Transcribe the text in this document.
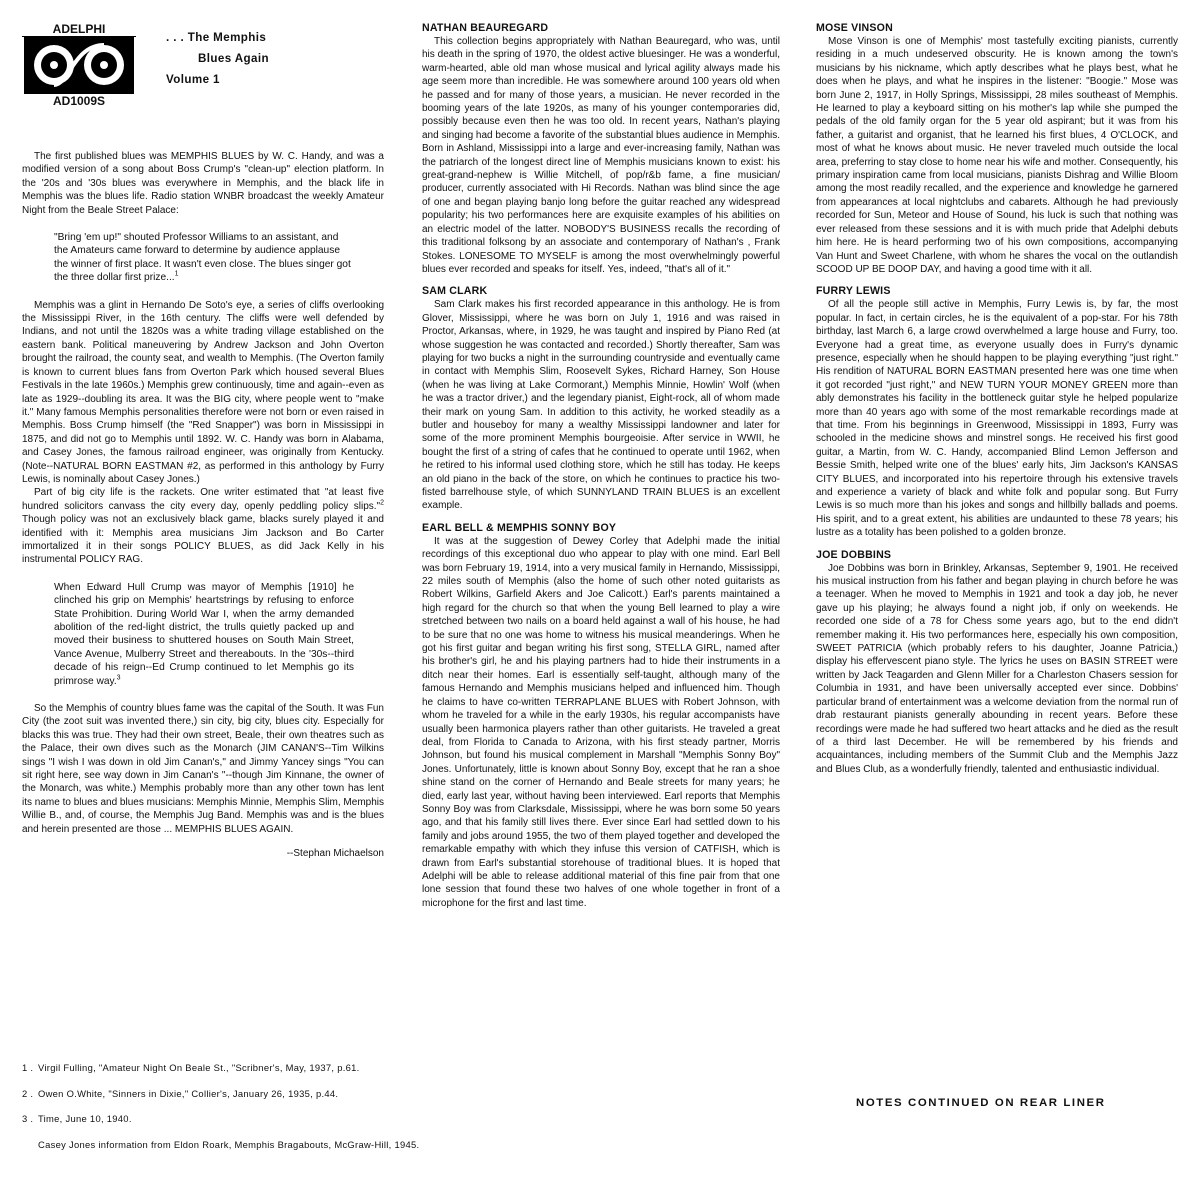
ADELPHI
AD1009S
. . . The Memphis
Blues Again
Volume 1

The first published blues was MEMPHIS BLUES by W. C. Handy, and was a modified version of a song about Boss Crump's "clean-up" election platform. In the '20s and '30s blues was everywhere in Memphis, and the black life in Memphis was the blues life. Radio station WNBR broadcast the weekly Amateur Night from the Beale Street Palace:

"Bring 'em up!" shouted Professor Williams to an assistant, and the Amateurs came forward to determine by audience applause the winner of first place. It wasn't even close. The blues singer got the three dollar first prize...$^1$

Memphis was a glint in Hernando De Soto's eye, a series of cliffs overlooking the Mississippi River, in the 16th century. The cliffs were well defended by Indians, and not until the 1820s was a white trading village established on the eastern bank. Political maneuvering by Andrew Jackson and John Overton brought the railroad, the county seat, and wealth to Memphis. (The Overton family is known to current blues fans from Overton Park which housed several Blues Festivals in the late 1960s.) Memphis grew continuously, time and again--even as late as 1929--doubling its area. It was the BIG city, where people went to "make it." Many famous Memphis personalities therefore were not born or even raised in Memphis. Boss Crump himself (the "Red Snapper") was born in Mississippi in 1875, and did not go to Memphis until 1892. W. C. Handy was born in Alabama, and Casey Jones, the famous railroad engineer, was originally from Kentucky. (Note--NATURAL BORN EASTMAN #2, as performed in this anthology by Furry Lewis, is nominally about Casey Jones.)

Part of big city life is the rackets. One writer estimated that "at least five hundred solicitors canvass the city every day, openly peddling policy slips."$^2$ Though policy was not an exclusively black game, blacks surely played it and identified with it: Memphis area musicians Jim Jackson and Bo Carter immortalized it in their songs POLICY BLUES, as did Jack Kelly in his instrumental POLICY RAG.

When Edward Hull Crump was mayor of Memphis [1910] he clinched his grip on Memphis' heartstrings by refusing to enforce State Prohibition. During World War I, when the army demanded abolition of the red-light district, the trulls quietly packed up and moved their business to shuttered houses on South Main Street, Vance Avenue, Mulberry Street and thereabouts. In the '30s--third decade of his reign--Ed Crump continued to let Memphis go its primrose way.$^3$

So the Memphis of country blues fame was the capital of the South. It was Fun City (the zoot suit was invented there,) sin city, big city, blues city. Especially for blacks this was true. They had their own street, Beale, their own theatres such as the Palace, their own dives such as the Monarch (JIM CANAN'S--Tim Wilkins sings "I wish I was down in old Jim Canan's," and Jimmy Yancey sings "You can sit right here, see way down in Jim Canan's "--though Jim Kinnane, the owner of the Monarch, was white.) Memphis probably more than any other town has lent its name to blues and blues musicians: Memphis Minnie, Memphis Slim, Memphis Willie B., and, of course, the Memphis Jug Band. Memphis was and is the blues and herein presented are those ... MEMPHIS BLUES AGAIN.

--Stephan Michaelson
1 . Virgil Fulling, "Amateur Night On Beale St., "Scribner's, May, 1937, p.61.
2 . Owen O.White, "Sinners in Dixie," Collier's, January 26, 1935, p.44.
3 . Time, June 10, 1940.
Casey Jones information from Eldon Roark, Memphis Bragabouts, McGraw-Hill, 1945.
NATHAN BEAUREGARD

This collection begins appropriately with Nathan Beauregard, who was, until his death in the spring of 1970, the oldest active bluesinger. He was a wonderful, warm-hearted, able old man whose musical and lyrical agility always made his age seem more than incredible. He was somewhere around 100 years old when he passed and for many of those years, a musician. He never recorded in the booming years of the late 1920s, as many of his younger contemporaries did, possibly because even then he was too old. In recent years, Nathan's playing and singing had become a favorite of the substantial blues audience in Memphis. Born in Ashland, Mississippi into a large and ever-increasing family, Nathan was the patriarch of the longest direct line of Memphis musicians known to exist: his great-grand-nephew is Willie Mitchell, of pop/r&b fame, a fine musician/ producer, currently associated with Hi Records. Nathan was blind since the age of one and began playing banjo long before the guitar reached any widespread popularity; his two performances here are exquisite examples of his abilities on an electric model of the latter. NOBODY'S BUSINESS recalls the recording of this traditional folksong by an associate and contemporary of Nathan's , Frank Stokes. LONESOME TO MYSELF is among the most overwhelmingly powerful blues ever recorded and speaks for itself. Yes, indeed, "that's all of it."

SAM CLARK

Sam Clark makes his first recorded appearance in this anthology. He is from Glover, Mississippi, where he was born on July 1, 1916 and was raised in Proctor, Arkansas, where, in 1929, he was taught and inspired by Piano Red (at whose suggestion he was contacted and recorded.) Shortly thereafter, Sam was playing for two bucks a night in the surrounding countryside and eventually came in contact with Memphis Slim, Roosevelt Sykes, Richard Harney, Son House (when he was living at Lake Cormorant,) Memphis Minnie, Howlin' Wolf (when he was a tractor driver,) and the legendary pianist, Eight-rock, all of whom made their mark on young Sam. In addition to this activity, he worked steadily as a butler and houseboy for many a wealthy Mississippi landowner and later for some of the more prominent Memphis bourgeoisie. After service in WWII, he bought the first of a string of cafes that he continued to operate until 1962, when he retired to his informal used clothing store, which he still has today. He keeps an old piano in the back of the store, on which he continues to practice his two-fisted barrelhouse style, of which SUNNYLAND TRAIN BLUES is an excellent example.

EARL BELL & MEMPHIS SONNY BOY

It was at the suggestion of Dewey Corley that Adelphi made the initial recordings of this exceptional duo who appear to play with one mind. Earl Bell was born February 19, 1914, into a very musical family in Hernando, Mississippi, 22 miles south of Memphis (also the home of such other noted guitarists as Robert Wilkins, Garfield Akers and Joe Calicott.) Earl's parents maintained a high regard for the church so that when the young Bell learned to play a wire stretched between two nails on a board held against a wall of his house, he had to be sure that no one was home to witness his musical meanderings. When he got his first guitar and began writing his first song, STELLA GIRL, named after his brother's girl, he and his playing partners had to hide their instruments in a ditch near their homes. Earl is essentially self-taught, although many of the famous Hernando and Memphis musicians helped and influenced him. Though he claims to have co-written TERRAPLANE BLUES with Robert Johnson, with whom he traveled for a while in the early 1930s, his regular accompanists have usually been harmonica players rather than other guitarists. He traveled a great deal, from Florida to Canada to Arizona, with his first steady partner, Morris Johnson, but found his musical complement in Marshall "Memphis Sonny Boy" Jones. Unfortunately, little is known about Sonny Boy, except that he ran a shoe shine stand on the corner of Hernando and Beale streets for many years; he died, early last year, without having been interviewed. Earl reports that Memphis Sonny Boy was from Clarksdale, Mississippi, where he was born some 50 years ago, and that his family still lives there. Ever since Earl had settled down to his family and jobs around 1955, the two of them played together and developed the remarkable empathy with which they infuse this version of CATFISH, which is drawn from Earl's substantial storehouse of traditional blues. It is hoped that Adelphi will be able to release additional material of this fine pair from that one lone session that found these two halves of one whole together in front of a microphone for the first and last time.

MOSE VINSON

Mose Vinson is one of Memphis' most tastefully exciting pianists, currently residing in a much undeserved obscurity. He is known among the town's musicians by his nickname, which aptly describes what he plays best, what he does when he plays, and what he inspires in the listener: "Boogie." Mose was born June 2, 1917, in Holly Springs, Mississippi, 28 miles southeast of Memphis. He learned to play a keyboard sitting on his mother's lap while she pumped the pedals of the old family organ for the 5 year old aspirant; but it was from his father, a guitarist and organist, that he learned his first blues, 4 O'CLOCK, and most of what he knows about music. He never traveled much outside the local area, preferring to stay close to home near his wife and mother. Consequently, his primary inspiration came from local musicians, pianists Dishrag and Willie Bloom among the most readily recalled, and the experience and knowledge he garnered from appearances at local nightclubs and cabarets. Although he had previously recorded for Sun, Meteor and House of Sound, his luck is such that nothing was ever released from these sessions and it is with much pride that Adelphi debuts him here. He is heard performing two of his own compositions, accompanying Van Hunt and Sweet Charlene, with whom he shares the vocal on the outlandish SCOOD UP BE DOOP DAY, and having a good time with it all.

FURRY LEWIS

Of all the people still active in Memphis, Furry Lewis is, by far, the most popular. In fact, in certain circles, he is the equivalent of a pop-star. For his 78th birthday, last March 6, a large crowd overwhelmed a large house and Furry, too. Everyone had a great time, as everyone usually does in Furry's dynamic presence, especially when he should happen to be playing everything "just right." His rendition of NATURAL BORN EASTMAN presented here was one time when it got recorded "just right," and NEW TURN YOUR MONEY GREEN more than ably demonstrates his facility in the bottleneck guitar style he helped popularize more than 40 years ago with some of the most remarkable recordings made at that time. From his beginnings in Greenwood, Mississippi in 1893, Furry was schooled in the medicine shows and minstrel songs. He received his first good guitar, a Martin, from W. C. Handy, accompanied Blind Lemon Jefferson and Bessie Smith, helped write one of the blues' early hits, Jim Jackson's KANSAS CITY BLUES, and incorporated into his repertoire through his extensive travels and experience a variety of black and white folk and popular song. But Furry Lewis is so much more than his jokes and songs and hillbilly ballads and poems. His spirit, and to a great extent, his abilities are undaunted to these 78 years; his lustre as a totality has been polished to a golden bronze.

JOE DOBBINS

Joe Dobbins was born in Brinkley, Arkansas, September 9, 1901. He received his musical instruction from his father and began playing in church before he was a teenager. When he moved to Memphis in 1921 and took a day job, he never gave up his playing; he always found a night job, if only on weekends. He recorded one side of a 78 for Chess some years ago, but to the end didn't remember making it. His two performances here, especially his own composition, SWEET PATRICIA (which probably refers to his daughter, Joanne Patricia,) display his effervescent piano style. The lyrics he uses on BASIN STREET were written by Jack Teagarden and Glenn Miller for a Charleston Chasers session for Columbia in 1931, and have been universally accepted ever since. Dobbins' particular brand of entertainment was a welcome deviation from the normal run of drab restaurant pianists generally abounding in recent years. Before these recordings were made he had suffered two heart attacks and he died as the result of a third last December. He will be remembered by his friends and acquaintances, including members of the Summit Club and the Memphis Jazz and Blues Club, as a wonderfully friendly, talented and enthusiastic individual.

NOTES CONTINUED ON REAR LINER
